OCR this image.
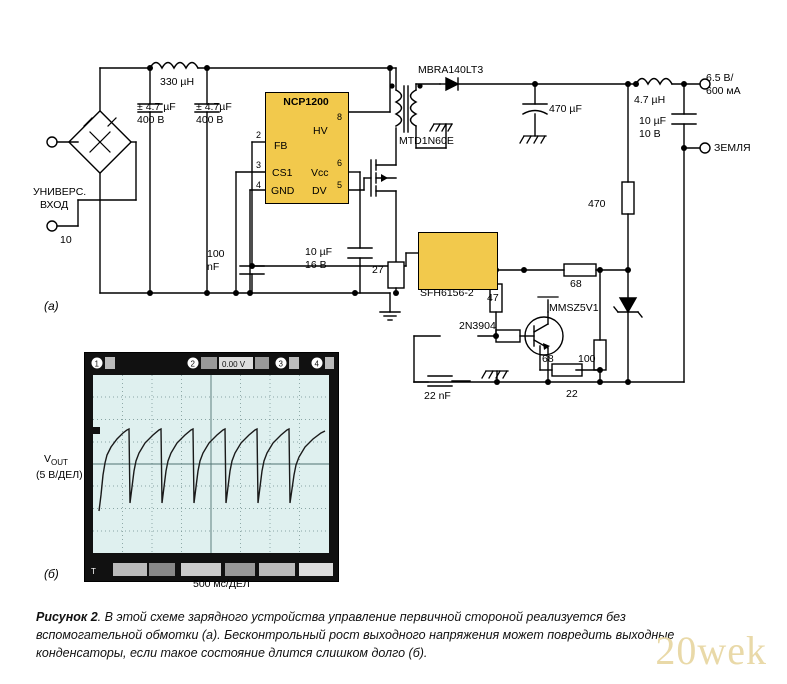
NCP1200
FB
CS1
GND
HV
Vcc
DV
2
3
4
8
6
5
УНИВЕРС.
ВХОД
10
330 µH
± 4.7 µF
400 В
± 4.7µF
400 В
100
nF
10 µF
16 В	27
MTD1N60E
MBRA140LT3
470 µF
4.7 µH
10 µF
10 В
6.5 В/
600 мА
ЗЕМЛЯ
470
68
68
47
100
22
MMSZ5V1
2N3904
SFH6156-2
22 nF
(а)
1	2	0.00 V	3	4
T
$V_{OUT}$
(5 В/ДЕЛ)
500 мс/ДЕЛ
(б)
Рисунок 2. В этой схеме зарядного устройства управление первичной стороной реализуется без вспомогательной обмотки (а). Бесконтрольный рост выходного напряжения может повредить выходные конденсаторы, если такое состояние длится слишком долго (б).	20wek
